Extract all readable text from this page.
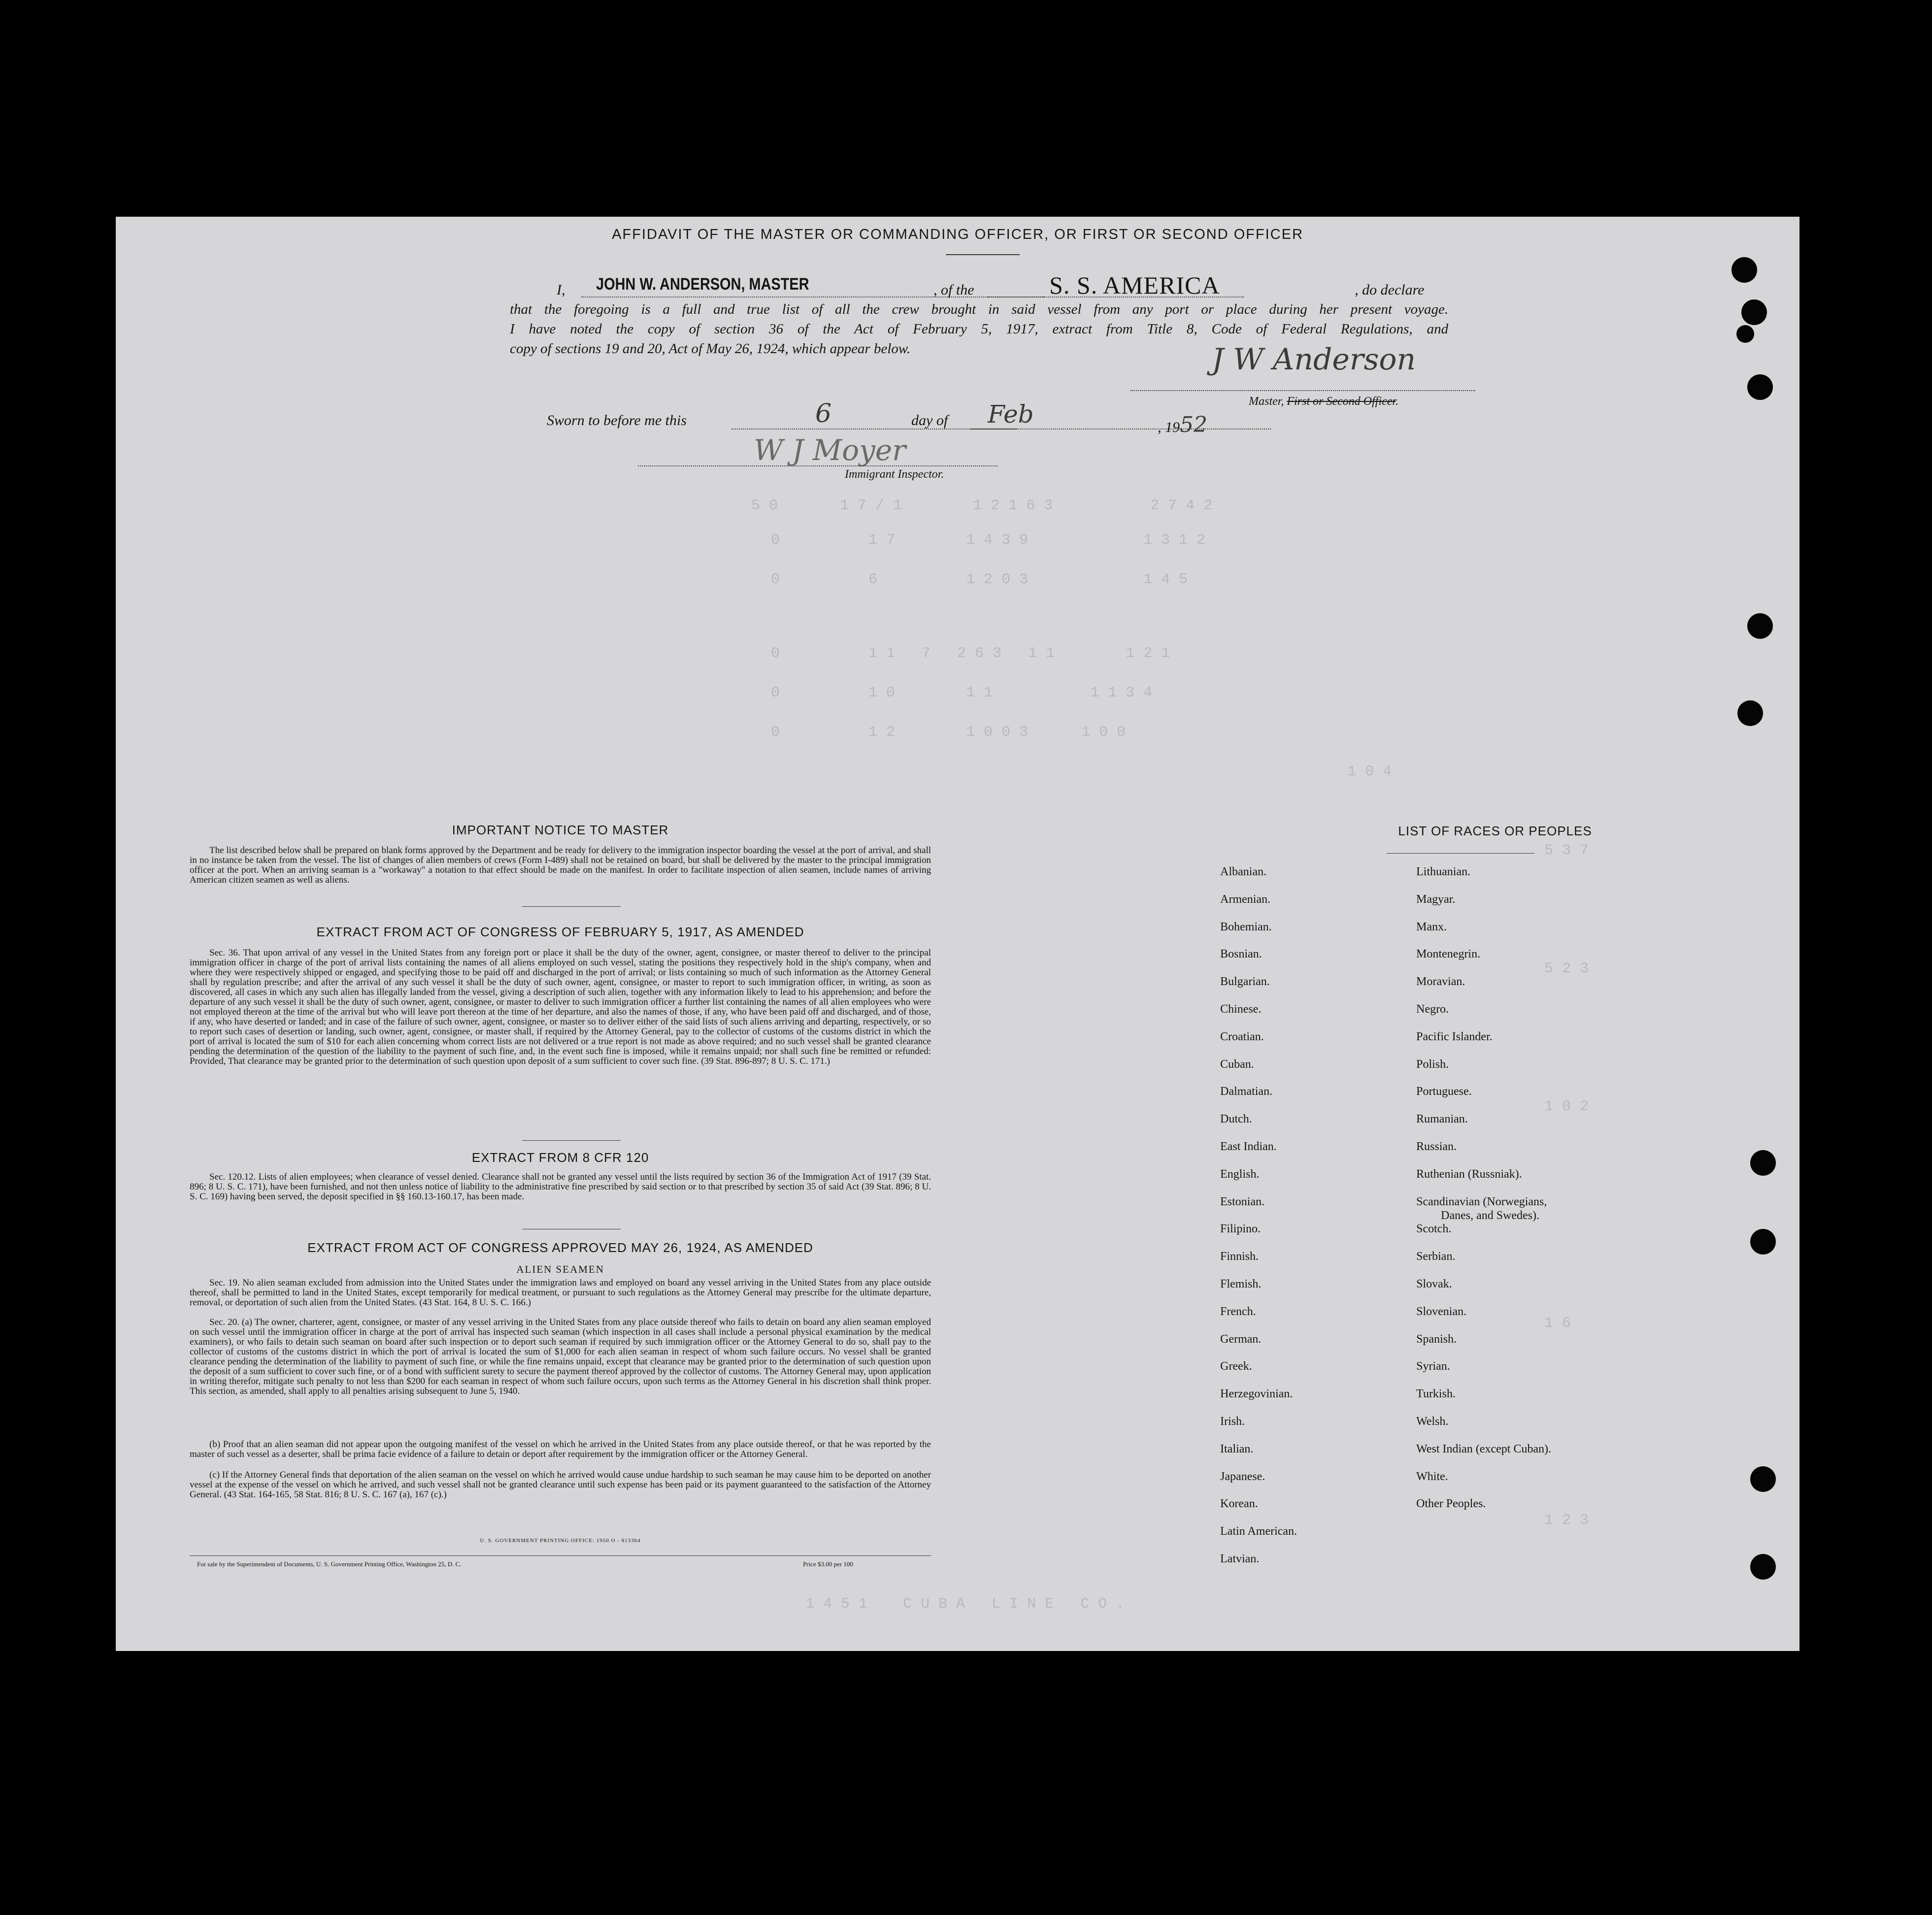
5 0       1 7 / 1        1 2 1 6 3           2 7 4 2
0          1 7        1 4 3 9             1 3 1 2
0          6          1 2 0 3             1 4 5
0          1 1   7   2 6 3   1 1        1 2 1
0          1 0        1 1           1 1 3 4
0          1 2        1 0 0 3      1 0 0
1 0 4
5 3 7
5 2 3
1 0 2
1 6
1 2 3
1 4 5 1    C U B A   L I N E   C O .
AFFIDAVIT OF THE MASTER OR COMMANDING OFFICER, OR FIRST OR SECOND OFFICER
I, JOHN W. ANDERSON, MASTER	, of the	S. S. AMERICA	, do declare
that the foregoing is a full and true list of all the crew brought in said vessel from any port or place during her present voyage.
I have noted the copy of section 36 of the Act of February 5, 1917, extract from Title 8, Code of Federal Regulations, and
copy of sections 19 and 20, Act of May 26, 1924, which appear below.	J W Anderson
Master, First or Second Officer.
Sworn to before me this	6	day of Feb	, 1952
W J Moyer
Immigrant Inspector.
IMPORTANT NOTICE TO MASTER
The list described below shall be prepared on blank forms approved by the Department and be ready for delivery to the immigration inspector boarding the vessel at the port of arrival, and shall in no instance be taken from the vessel. The list of changes of alien members of crews (Form I-489) shall not be retained on board, but shall be delivered by the master to the principal immigration officer at the port. When an arriving seaman is a "workaway" a notation to that effect should be made on the manifest. In order to facilitate inspection of alien seamen, include names of arriving American citizen seamen as well as aliens.
EXTRACT FROM ACT OF CONGRESS OF FEBRUARY 5, 1917, AS AMENDED
Sec. 36. That upon arrival of any vessel in the United States from any foreign port or place it shall be the duty of the owner, agent, consignee, or master thereof to deliver to the principal immigration officer in charge of the port of arrival lists containing the names of all aliens employed on such vessel, stating the positions they respectively hold in the ship's company, when and where they were respectively shipped or engaged, and specifying those to be paid off and discharged in the port of arrival; or lists containing so much of such information as the Attorney General shall by regulation prescribe; and after the arrival of any such vessel it shall be the duty of such owner, agent, consignee, or master to report to such immigration officer, in writing, as soon as discovered, all cases in which any such alien has illegally landed from the vessel, giving a description of such alien, together with any information likely to lead to his apprehension; and before the departure of any such vessel it shall be the duty of such owner, agent, consignee, or master to deliver to such immigration officer a further list containing the names of all alien employees who were not employed thereon at the time of the arrival but who will leave port thereon at the time of her departure, and also the names of those, if any, who have been paid off and discharged, and of those, if any, who have deserted or landed; and in case of the failure of such owner, agent, consignee, or master so to deliver either of the said lists of such aliens arriving and departing, respectively, or so to report such cases of desertion or landing, such owner, agent, consignee, or master shall, if required by the Attorney General, pay to the collector of customs of the customs district in which the port of arrival is located the sum of $10 for each alien concerning whom correct lists are not delivered or a true report is not made as above required; and no such vessel shall be granted clearance pending the determination of the question of the liability to the payment of such fine, and, in the event such fine is imposed, while it remains unpaid; nor shall such fine be remitted or refunded: Provided, That clearance may be granted prior to the determination of such question upon deposit of a sum sufficient to cover such fine. (39 Stat. 896-897; 8 U. S. C. 171.)
EXTRACT FROM 8 CFR 120
Sec. 120.12. Lists of alien employees; when clearance of vessel denied. Clearance shall not be granted any vessel until the lists required by section 36 of the Immigration Act of 1917 (39 Stat. 896; 8 U. S. C. 171), have been furnished, and not then unless notice of liability to the administrative fine prescribed by said section or to that prescribed by section 35 of said Act (39 Stat. 896; 8 U. S. C. 169) having been served, the deposit specified in §§ 160.13-160.17, has been made.
EXTRACT FROM ACT OF CONGRESS APPROVED MAY 26, 1924, AS AMENDED
ALIEN SEAMEN
Sec. 19. No alien seaman excluded from admission into the United States under the immigration laws and employed on board any vessel arriving in the United States from any place outside thereof, shall be permitted to land in the United States, except temporarily for medical treatment, or pursuant to such regulations as the Attorney General may prescribe for the ultimate departure, removal, or deportation of such alien from the United States. (43 Stat. 164, 8 U. S. C. 166.)
Sec. 20. (a) The owner, charterer, agent, consignee, or master of any vessel arriving in the United States from any place outside thereof who fails to detain on board any alien seaman employed on such vessel until the immigration officer in charge at the port of arrival has inspected such seaman (which inspection in all cases shall include a personal physical examination by the medical examiners), or who fails to detain such seaman on board after such inspection or to deport such seaman if required by such immigration officer or the Attorney General to do so, shall pay to the collector of customs of the customs district in which the port of arrival is located the sum of $1,000 for each alien seaman in respect of whom such failure occurs. No vessel shall be granted clearance pending the determination of the liability to payment of such fine, or while the fine remains unpaid, except that clearance may be granted prior to the determination of such question upon the deposit of a sum sufficient to cover such fine, or of a bond with sufficient surety to secure the payment thereof approved by the collector of customs. The Attorney General may, upon application in writing therefor, mitigate such penalty to not less than $200 for each seaman in respect of whom such failure occurs, upon such terms as the Attorney General in his discretion shall think proper. This section, as amended, shall apply to all penalties arising subsequent to June 5, 1940.
(b) Proof that an alien seaman did not appear upon the outgoing manifest of the vessel on which he arrived in the United States from any place outside thereof, or that he was reported by the master of such vessel as a deserter, shall be prima facie evidence of a failure to detain or deport after requirement by the immigration officer or the Attorney General.
(c) If the Attorney General finds that deportation of the alien seaman on the vessel on which he arrived would cause undue hardship to such seaman he may cause him to be deported on another vessel at the expense of the vessel on which he arrived, and such vessel shall not be granted clearance until such expense has been paid or its payment guaranteed to the satisfaction of the Attorney General. (43 Stat. 164-165, 58 Stat. 816; 8 U. S. C. 167 (a), 167 (c).)
U. S. GOVERNMENT PRINTING OFFICE: 1950 O - 813364
For sale by the Superintendent of Documents, U. S. Government Printing Office, Washington 25, D. C.	Price $3.00 per 100
LIST OF RACES OR PEOPLES
Albanian.
Armenian.
Bohemian.
Bosnian.
Bulgarian.
Chinese.
Croatian.
Cuban.
Dalmatian.
Dutch.
East Indian.
English.
Estonian.
Filipino.
Finnish.
Flemish.
French.
German.
Greek.
Herzegovinian.
Irish.
Italian.
Japanese.
Korean.
Latin American.
Latvian.
Lithuanian.
Magyar.
Manx.
Montenegrin.
Moravian.
Negro.
Pacific Islander.
Polish.
Portuguese.
Rumanian.
Russian.
Ruthenian (Russniak).
Scandinavian (Norwegians,
Danes, and Swedes).
Scotch.
Serbian.
Slovak.
Slovenian.
Spanish.
Syrian.
Turkish.
Welsh.
West Indian (except Cuban).
White.
Other Peoples.
